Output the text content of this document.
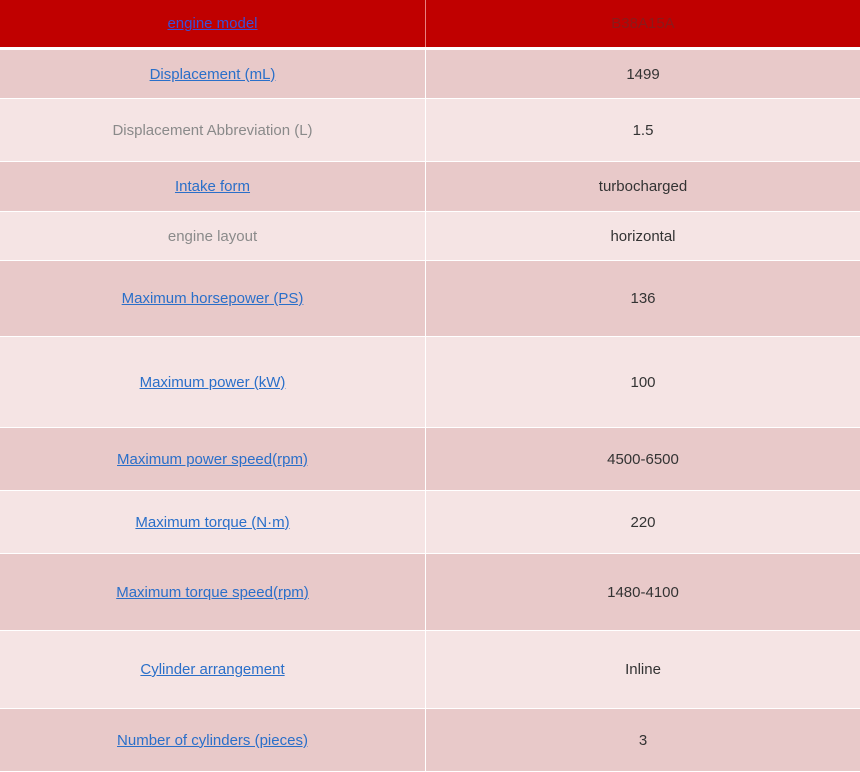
engine model	B38A15A
Displacement (mL)	1499
Displacement Abbreviation (L)	1.5
Intake form	turbocharged
engine layout	horizontal
Maximum horsepower (PS)	136
Maximum power (kW)	100
Maximum power speed(rpm)	4500-6500
Maximum torque (N·m)	220
Maximum torque speed(rpm)	1480-4100
Cylinder arrangement	Inline
Number of cylinders (pieces)	3
